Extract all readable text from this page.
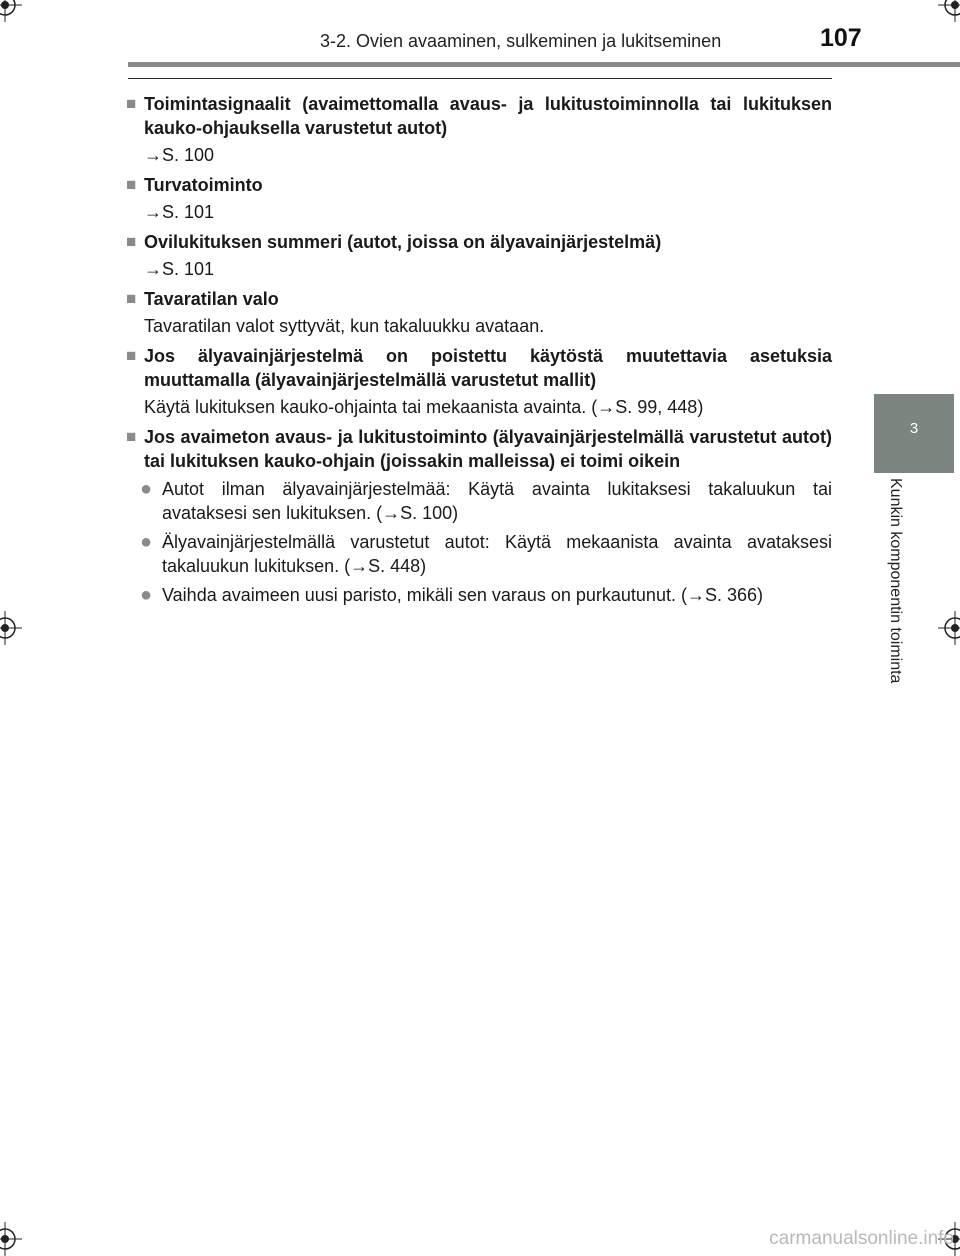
3-2. Ovien avaaminen, sulkeminen ja lukitseminen	107
3
Kunkin komponentin toiminta
■ Toimintasignaalit (avaimettomalla avaus- ja lukitustoiminnolla tai lukituksen kauko-ohjauksella varustetut autot)
→S. 100
■ Turvatoiminto
→S. 101
■ Ovilukituksen summeri (autot, joissa on älyavainjärjestelmä)
→S. 101
■ Tavaratilan valo
Tavaratilan valot syttyvät, kun takaluukku avataan.
■ Jos älyavainjärjestelmä on poistettu käytöstä muutettavia asetuksia muuttamalla (älyavainjärjestelmällä varustetut mallit)
Käytä lukituksen kauko-ohjainta tai mekaanista avainta. (→S. 99, 448)
■ Jos avaimeton avaus- ja lukitustoiminto (älyavainjärjestelmällä varustetut autot) tai lukituksen kauko-ohjain (joissakin malleissa) ei toimi oikein
● Autot ilman älyavainjärjestelmää: Käytä avainta lukitaksesi takaluukun tai avataksesi sen lukituksen. (→S. 100)
● Älyavainjärjestelmällä varustetut autot: Käytä mekaanista avainta avataksesi takaluukun lukituksen. (→S. 448)
● Vaihda avaimeen uusi paristo, mikäli sen varaus on purkautunut. (→S. 366)
carmanualsonline.info
